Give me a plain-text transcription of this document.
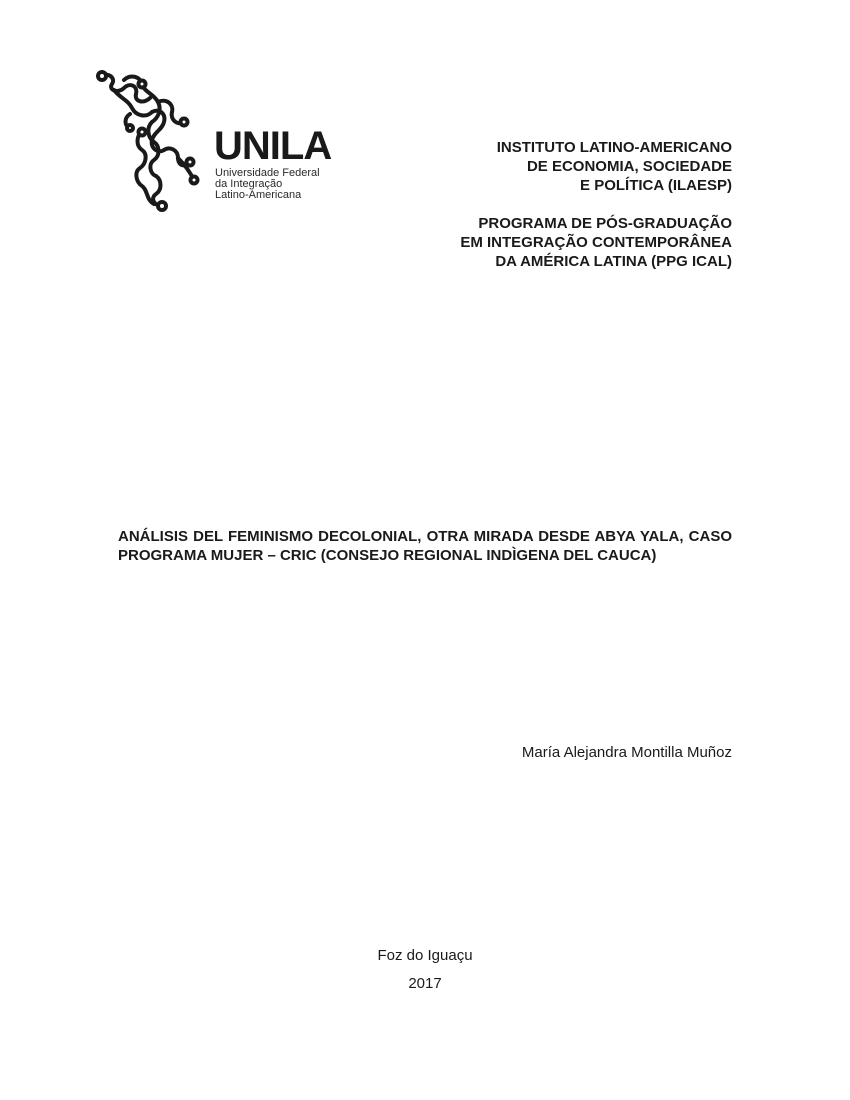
UNILA
Universidade Federal
da Integração
Latino-Americana
INSTITUTO LATINO-AMERICANO
DE ECONOMIA, SOCIEDADE
E POLÍTICA (ILAESP)
PROGRAMA DE PÓS-GRADUAÇÃO
EM INTEGRAÇÃO CONTEMPORÂNEA
DA AMÉRICA LATINA (PPG ICAL)
ANÁLISIS DEL FEMINISMO DECOLONIAL, OTRA MIRADA DESDE ABYA YALA, CASO PROGRAMA MUJER – CRIC (CONSEJO REGIONAL INDÌGENA DEL CAUCA)
María Alejandra Montilla Muñoz
Foz do Iguaçu
2017
